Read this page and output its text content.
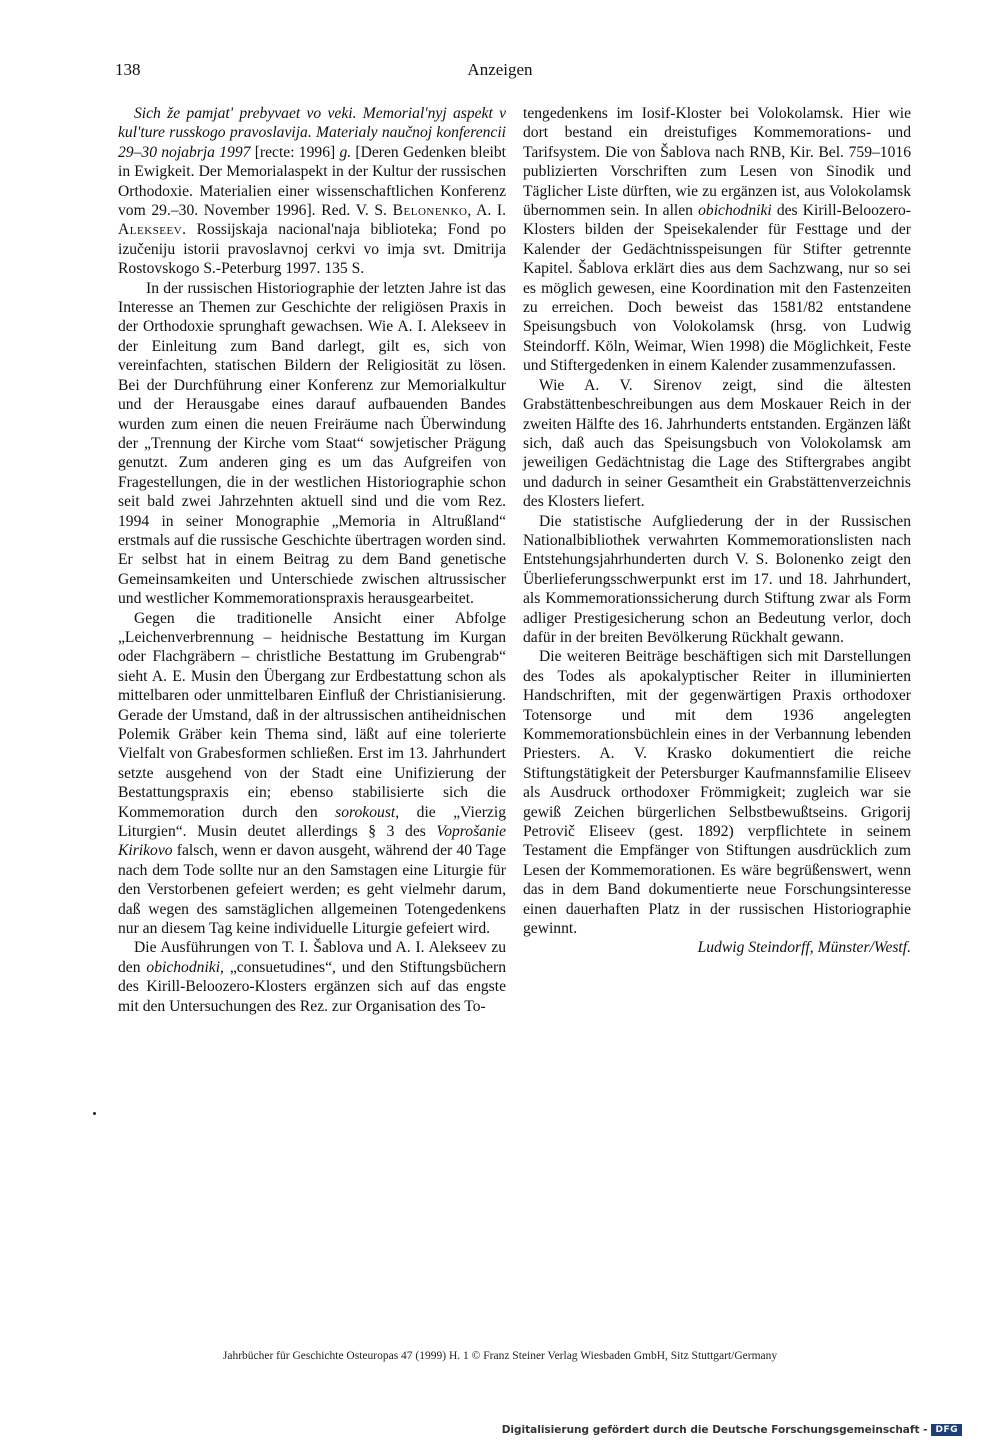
138	Anzeigen

Sich že pamjat' prebyvaet vo veki. Memorial'nyj aspekt v kul'ture russkogo pravoslavija. Materialy naučnoj konferencii 29–30 nojabrja 1997 [recte: 1996] g. [Deren Gedenken bleibt in Ewigkeit. Der Memorialaspekt in der Kultur der russischen Orthodoxie. Materialien einer wissenschaftlichen Konferenz vom 29.–30. November 1996]. Red. V. S. Belonenko, A. I. Alekseev. Rossijskaja nacional'naja biblioteka; Fond po izučeniju istorii pravoslavnoj cerkvi vo imja svt. Dmitrija Rostovskogo S.-Peterburg 1997. 135 S.

In der russischen Historiographie der letzten Jahre ist das Interesse an Themen zur Geschichte der religiösen Praxis in der Orthodoxie sprunghaft gewachsen. Wie A. I. Alekseev in der Einleitung zum Band darlegt, gilt es, sich von vereinfachten, statischen Bildern der Religiosität zu lösen. Bei der Durchführung einer Konferenz zur Memorialkultur und der Herausgabe eines darauf aufbauenden Bandes wurden zum einen die neuen Freiräume nach Überwindung der „Trennung der Kirche vom Staat“ sowjetischer Prägung genutzt. Zum anderen ging es um das Aufgreifen von Fragestellungen, die in der westlichen Historiographie schon seit bald zwei Jahrzehnten aktuell sind und die vom Rez. 1994 in seiner Monographie „Memoria in Altrußland“ erstmals auf die russische Geschichte übertragen worden sind. Er selbst hat in einem Beitrag zu dem Band genetische Gemeinsamkeiten und Unterschiede zwischen altrussischer und westlicher Kommemorationspraxis herausgearbeitet.

Gegen die traditionelle Ansicht einer Abfolge „Leichenverbrennung – heidnische Bestattung im Kurgan oder Flachgräbern – christliche Bestattung im Grubengrab“ sieht A. E. Musin den Übergang zur Erdbestattung schon als mittelbaren oder unmittelbaren Einfluß der Christianisierung. Gerade der Umstand, daß in der altrussischen antiheidnischen Polemik Gräber kein Thema sind, läßt auf eine tolerierte Vielfalt von Grabesformen schließen. Erst im 13. Jahrhundert setzte ausgehend von der Stadt eine Unifizierung der Bestattungspraxis ein; ebenso stabilisierte sich die Kommemoration durch den sorokoust, die „Vierzig Liturgien“. Musin deutet allerdings § 3 des Voprošanie Kirikovo falsch, wenn er davon ausgeht, während der 40 Tage nach dem Tode sollte nur an den Samstagen eine Liturgie für den Verstorbenen gefeiert werden; es geht vielmehr darum, daß wegen des samstäglichen allgemeinen Totengedenkens nur an diesem Tag keine individuelle Liturgie gefeiert wird.

Die Ausführungen von T. I. Šablova und A. I. Alekseev zu den obichodniki, „consuetudines“, und den Stiftungsbüchern des Kirill-Beloozero-Klosters ergänzen sich auf das engste mit den Untersuchungen des Rez. zur Organisation des To-

tengedenkens im Iosif-Kloster bei Volokolamsk. Hier wie dort bestand ein dreistufiges Kommemorations- und Tarifsystem. Die von Šablova nach RNB, Kir. Bel. 759–1016 publizierten Vorschriften zum Lesen von Sinodik und Täglicher Liste dürften, wie zu ergänzen ist, aus Volokolamsk übernommen sein. In allen obichodniki des Kirill-Beloozero-Klosters bilden der Speisekalender für Festtage und der Kalender der Gedächtnisspeisungen für Stifter getrennte Kapitel. Šablova erklärt dies aus dem Sachzwang, nur so sei es möglich gewesen, eine Koordination mit den Fastenzeiten zu erreichen. Doch beweist das 1581/82 entstandene Speisungsbuch von Volokolamsk (hrsg. von Ludwig Steindorff. Köln, Weimar, Wien 1998) die Möglichkeit, Feste und Stiftergedenken in einem Kalender zusammenzufassen.

Wie A. V. Sirenov zeigt, sind die ältesten Grabstättenbeschreibungen aus dem Moskauer Reich in der zweiten Hälfte des 16. Jahrhunderts entstanden. Ergänzen läßt sich, daß auch das Speisungsbuch von Volokolamsk am jeweiligen Gedächtnistag die Lage des Stiftergrabes angibt und dadurch in seiner Gesamtheit ein Grabstättenverzeichnis des Klosters liefert.

Die statistische Aufgliederung der in der Russischen Nationalbibliothek verwahrten Kommemorationslisten nach Entstehungsjahrhunderten durch V. S. Bolonenko zeigt den Überlieferungsschwerpunkt erst im 17. und 18. Jahrhundert, als Kommemorationssicherung durch Stiftung zwar als Form adliger Prestigesicherung schon an Bedeutung verlor, doch dafür in der breiten Bevölkerung Rückhalt gewann.

Die weiteren Beiträge beschäftigen sich mit Darstellungen des Todes als apokalyptischer Reiter in illuminierten Handschriften, mit der gegenwärtigen Praxis orthodoxer Totensorge und mit dem 1936 angelegten Kommemorationsbüchlein eines in der Verbannung lebenden Priesters. A. V. Krasko dokumentiert die reiche Stiftungstätigkeit der Petersburger Kaufmannsfamilie Eliseev als Ausdruck orthodoxer Frömmigkeit; zugleich war sie gewiß Zeichen bürgerlichen Selbstbewußtseins. Grigorij Petrovič Eliseev (gest. 1892) verpflichtete in seinem Testament die Empfänger von Stiftungen ausdrücklich zum Lesen der Kommemorationen. Es wäre begrüßenswert, wenn das in dem Band dokumentierte neue Forschungsinteresse einen dauerhaften Platz in der russischen Historiographie gewinnt.

Ludwig Steindorff, Münster/Westf.

Jahrbücher für Geschichte Osteuropas 47 (1999) H. 1 © Franz Steiner Verlag Wiesbaden GmbH, Sitz Stuttgart/Germany
Digitalisierung gefördert durch die Deutsche Forschungsgemeinschaft - DFG
